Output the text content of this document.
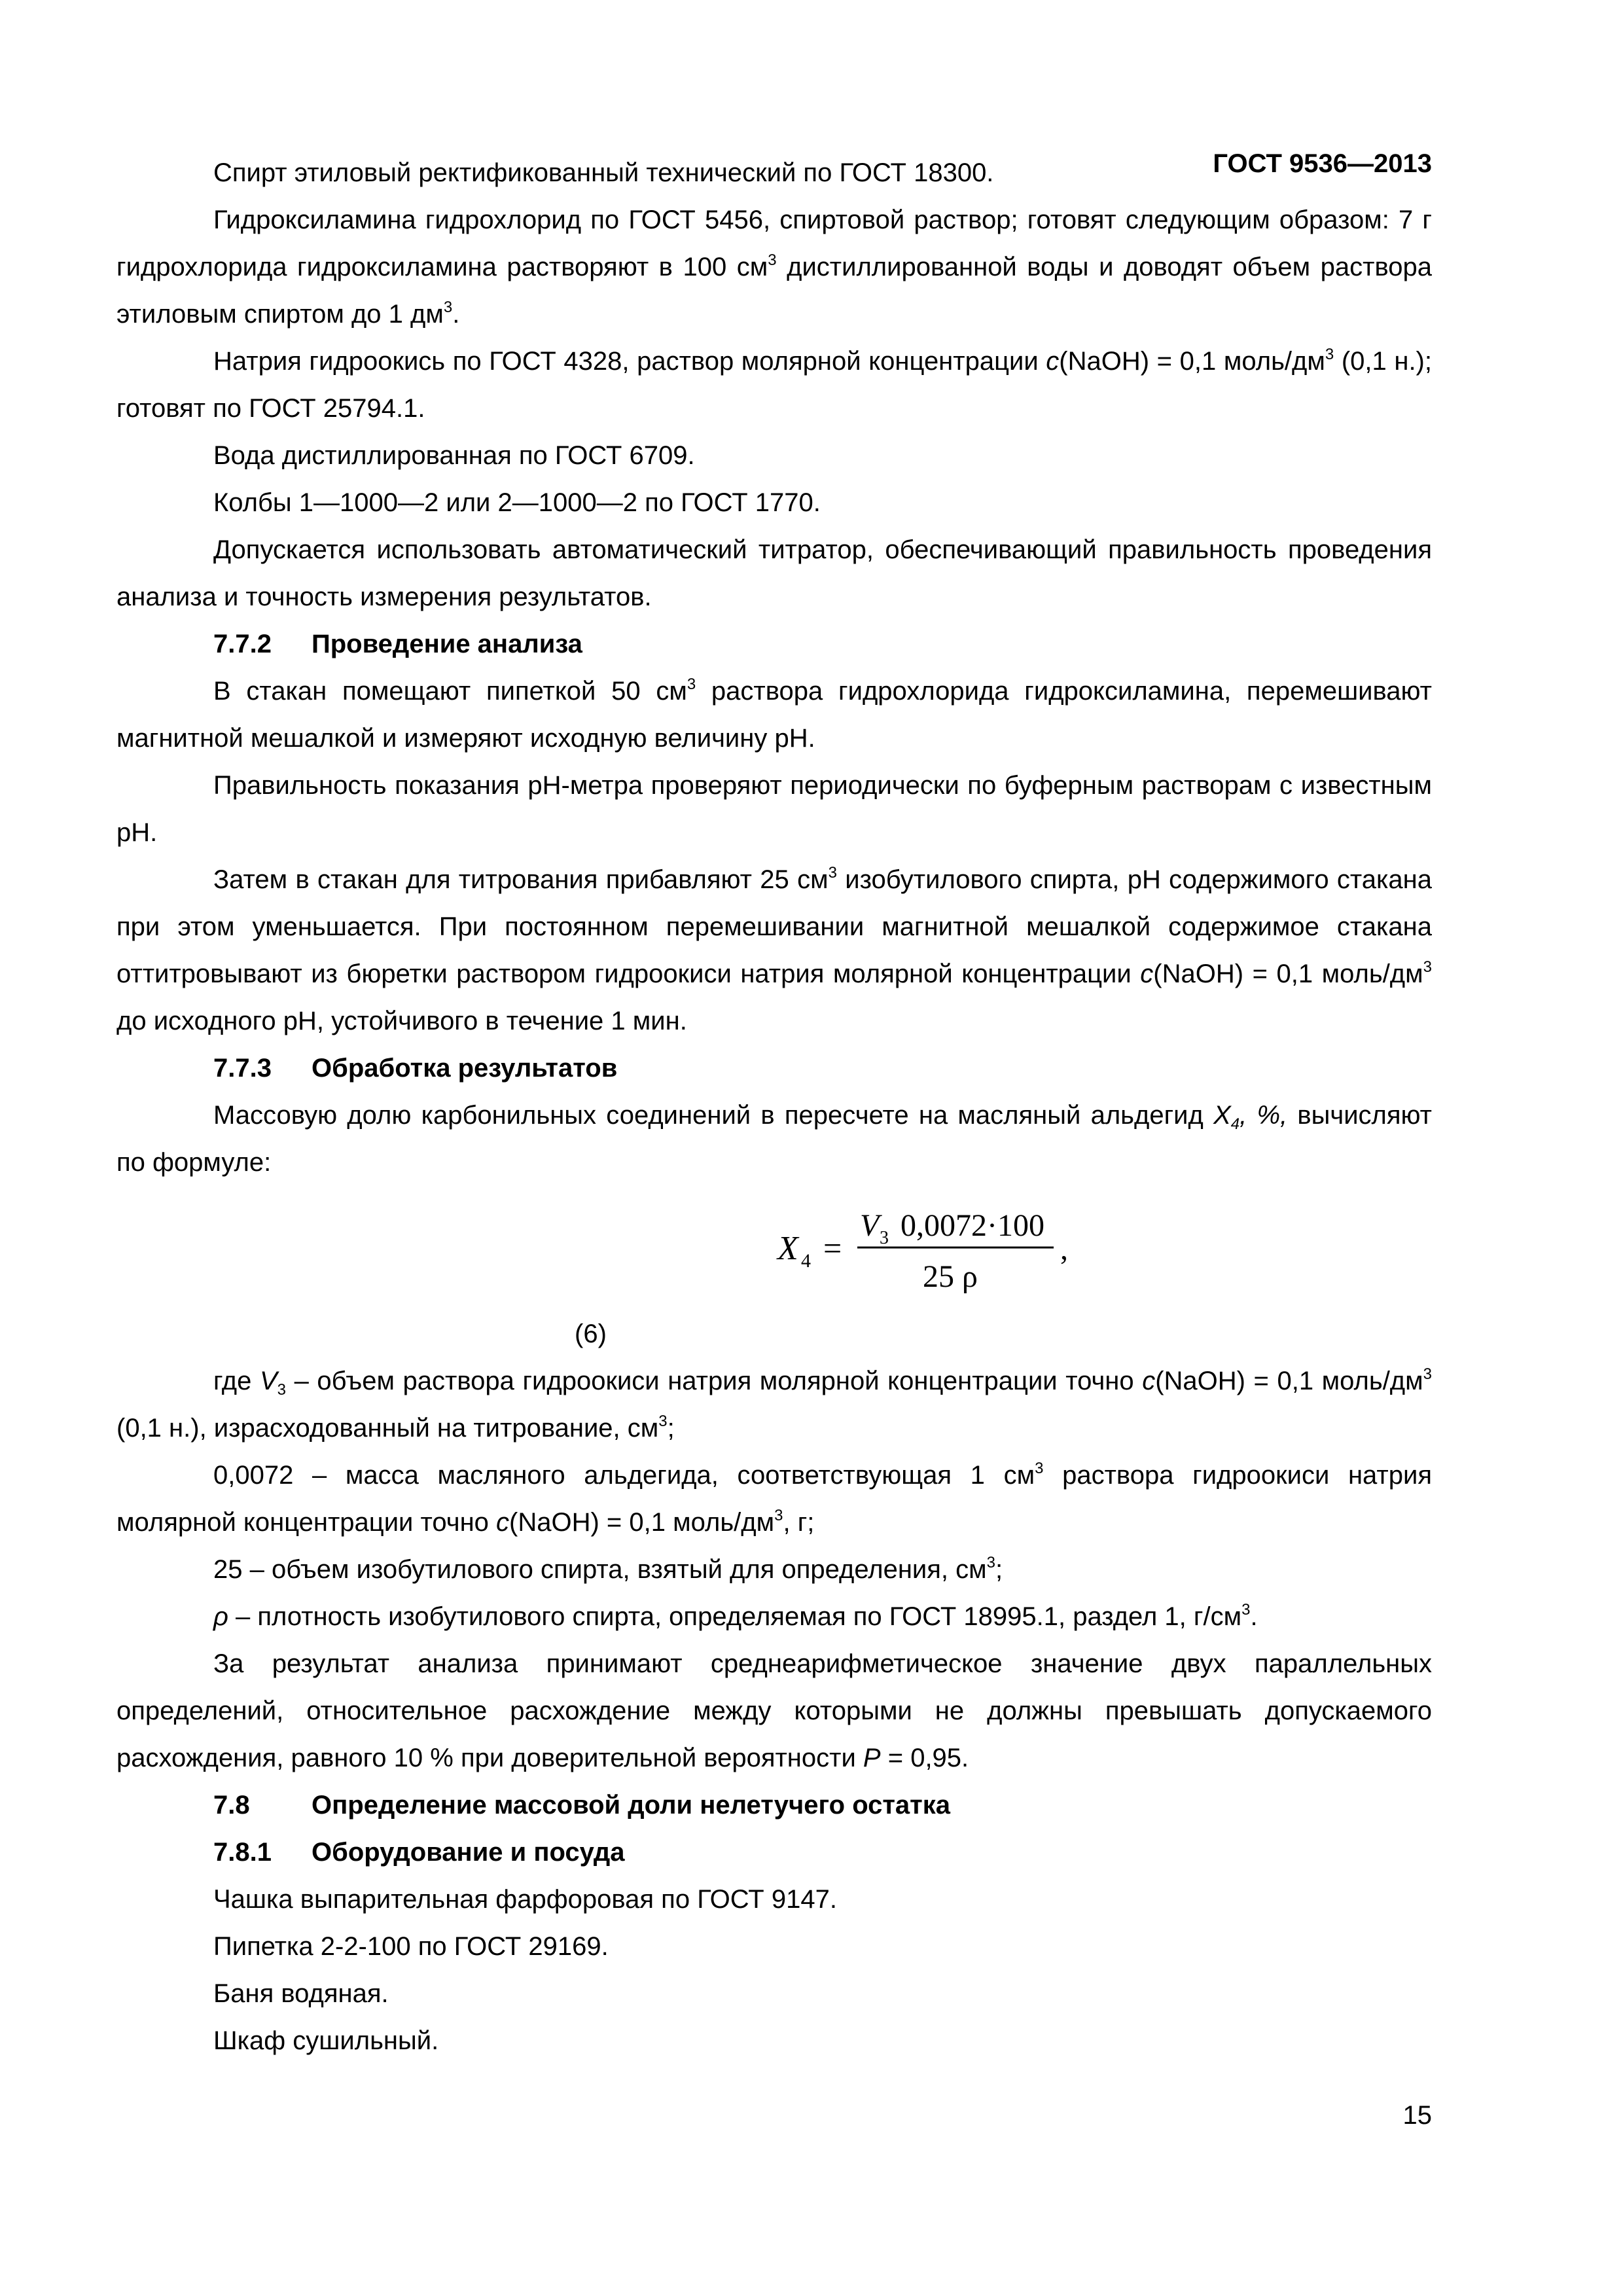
ГОСТ 9536—2013

Спирт этиловый ректификованный технический по ГОСТ 18300.

Гидроксиламина гидрохлорид по ГОСТ 5456, спиртовой раствор; готовят следующим образом: 7 г гидрохлорида гидроксиламина растворяют в 100 $см^3$ дистиллированной воды и доводят объем раствора этиловым спиртом до 1 $дм^3$.

Натрия гидроокись по ГОСТ 4328, раствор молярной концентрации c(NaOH) = 0,1 моль/$дм^3$ (0,1 н.); готовят по ГОСТ 25794.1.

Вода дистиллированная по ГОСТ 6709.

Колбы 1—1000—2 или 2—1000—2 по ГОСТ 1770.

Допускается использовать автоматический титратор, обеспечивающий правильность проведения анализа и точность измерения результатов.

7.7.2 Проведение анализа

В стакан помещают пипеткой 50 $см^3$ раствора гидрохлорида гидроксиламина, перемешивают магнитной мешалкой и измеряют исходную величину pH.

Правильность показания pH-метра проверяют периодически по буферным растворам с известным pH.

Затем в стакан для титрования прибавляют 25 $см^3$ изобутилового спирта, pH содержимого стакана при этом уменьшается. При постоянном перемешивании магнитной мешалкой содержимое стакана оттитровывают из бюретки раствором гидроокиси натрия молярной концентрации c(NaOH) = 0,1 моль/$дм^3$ до исходного pH, устойчивого в течение 1 мин.

7.7.3 Обработка результатов

Массовую долю карбонильных соединений в пересчете на масляный альдегид $X_4$, %, вычисляют по формуле:

X 4 =
V 3 0,0072·100
25 ρ
,

(6)

где $V_3$ – объем раствора гидроокиси натрия молярной концентрации точно c(NaOH) = 0,1 моль/$дм^3$ (0,1 н.), израсходованный на титрование, $см^3$;

0,0072 – масса масляного альдегида, соответствующая 1 $см^3$ раствора гидроокиси натрия молярной концентрации точно c(NaOH) = 0,1 моль/$дм^3$, г;

25 – объем изобутилового спирта, взятый для определения, $см^3$;

ρ – плотность изобутилового спирта, определяемая по ГОСТ 18995.1, раздел 1, $г/см^3$.

За результат анализа принимают среднеарифметическое значение двух параллельных определений, относительное расхождение между которыми не должны превышать допускаемого расхождения, равного 10 % при доверительной вероятности P = 0,95.

7.8 Определение массовой доли нелетучего остатка

7.8.1 Оборудование и посуда

Чашка выпарительная фарфоровая по ГОСТ 9147.

Пипетка 2-2-100 по ГОСТ 29169.

Баня водяная.

Шкаф сушильный.

15
